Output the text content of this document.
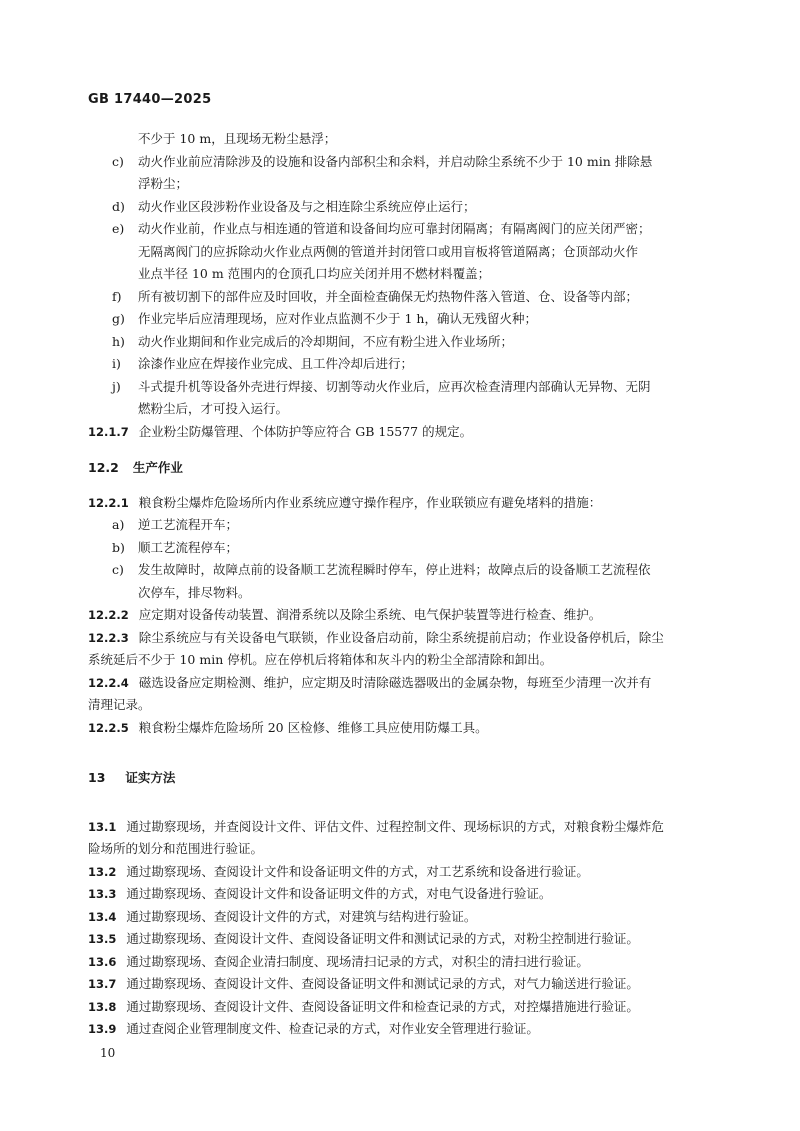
GB 17440—2025
不少于 10 m，且现场无粉尘悬浮；
c)	动火作业前应清除涉及的设施和设备内部积尘和余料，并启动除尘系统不少于 10 min 排除悬
浮粉尘；
d)	动火作业区段涉粉作业设备及与之相连除尘系统应停止运行；
e)	动火作业前，作业点与相连通的管道和设备间均应可靠封闭隔离；有隔离阀门的应关闭严密；
无隔离阀门的应拆除动火作业点两侧的管道并封闭管口或用盲板将管道隔离；仓顶部动火作
业点半径 10 m 范围内的仓顶孔口均应关闭并用不燃材料覆盖；
f)	所有被切割下的部件应及时回收，并全面检查确保无灼热物件落入管道、仓、设备等内部；
g)	作业完毕后应清理现场，应对作业点监测不少于 1 h，确认无残留火种；
h)	动火作业期间和作业完成后的冷却期间，不应有粉尘进入作业场所；
i)	涂漆作业应在焊接作业完成、且工件冷却后进行；
j)	斗式提升机等设备外壳进行焊接、切割等动火作业后，应再次检查清理内部确认无异物、无阴
燃粉尘后，才可投入运行。
12.1.7 企业粉尘防爆管理、个体防护等应符合 GB 15577 的规定。
12.2 生产作业
12.2.1 粮食粉尘爆炸危险场所内作业系统应遵守操作程序，作业联锁应有避免堵料的措施：
a)	逆工艺流程开车；
b)	顺工艺流程停车；
c)	发生故障时，故障点前的设备顺工艺流程瞬时停车，停止进料；故障点后的设备顺工艺流程依
次停车，排尽物料。
12.2.2 应定期对设备传动装置、润滑系统以及除尘系统、电气保护装置等进行检查、维护。
12.2.3 除尘系统应与有关设备电气联锁，作业设备启动前，除尘系统提前启动；作业设备停机后，除尘
系统延后不少于 10 min 停机。应在停机后将箱体和灰斗内的粉尘全部清除和卸出。
12.2.4 磁选设备应定期检测、维护，应定期及时清除磁选器吸出的金属杂物，每班至少清理一次并有
清理记录。
12.2.5 粮食粉尘爆炸危险场所 20 区检修、维修工具应使用防爆工具。
13 证实方法
13.1 通过勘察现场，并查阅设计文件、评估文件、过程控制文件、现场标识的方式，对粮食粉尘爆炸危
险场所的划分和范围进行验证。
13.2 通过勘察现场、查阅设计文件和设备证明文件的方式，对工艺系统和设备进行验证。
13.3 通过勘察现场、查阅设计文件和设备证明文件的方式，对电气设备进行验证。
13.4 通过勘察现场、查阅设计文件的方式，对建筑与结构进行验证。
13.5 通过勘察现场、查阅设计文件、查阅设备证明文件和测试记录的方式，对粉尘控制进行验证。
13.6 通过勘察现场、查阅企业清扫制度、现场清扫记录的方式，对积尘的清扫进行验证。
13.7 通过勘察现场、查阅设计文件、查阅设备证明文件和测试记录的方式，对气力输送进行验证。
13.8 通过勘察现场、查阅设计文件、查阅设备证明文件和检查记录的方式，对控爆措施进行验证。
13.9 通过查阅企业管理制度文件、检查记录的方式，对作业安全管理进行验证。
10
